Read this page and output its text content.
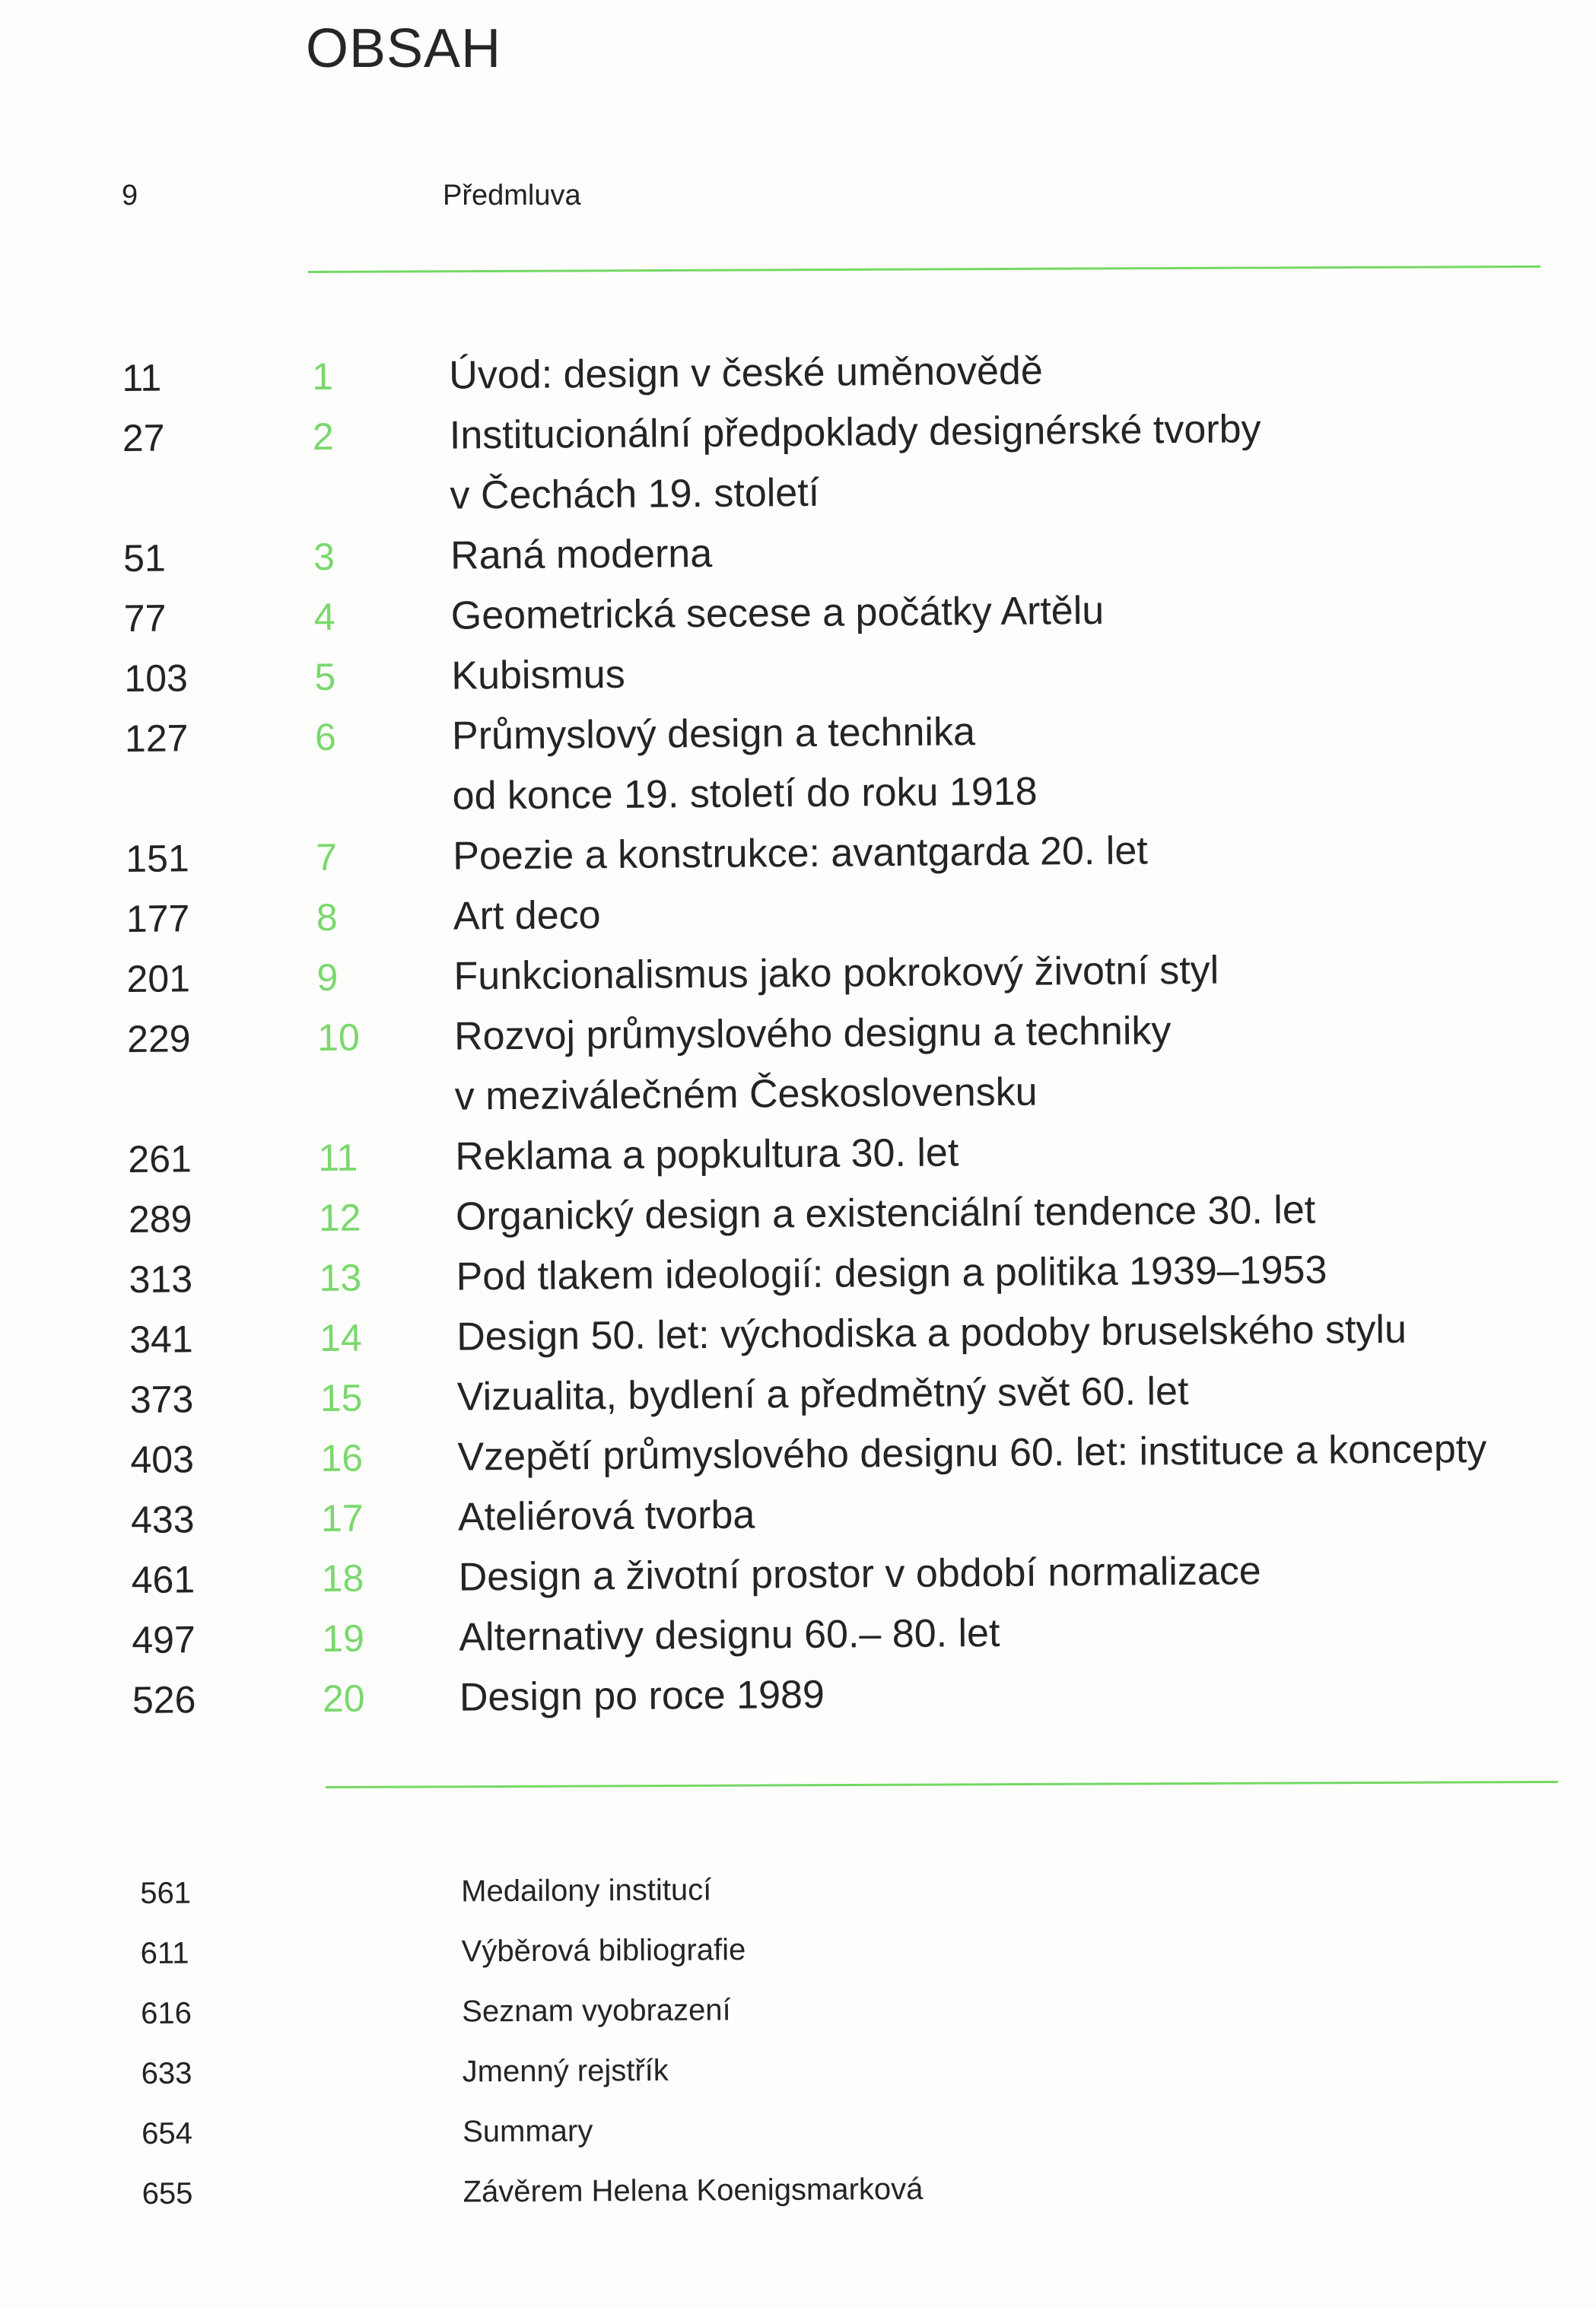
OBSAH
9	Předmluva
11	1	Úvod: design v české uměnovědě
27	2	Institucionální předpoklady designérské tvorby
v Čechách 19. století
51	3	Raná moderna
77	4	Geometrická secese a počátky Artělu
103	5	Kubismus
127	6	Průmyslový design a technika
od konce 19. století do roku 1918
151	7	Poezie a konstrukce: avantgarda 20. let
177	8	Art deco
201	9	Funkcionalismus jako pokrokový životní styl
229	10	Rozvoj průmyslového designu a techniky
v meziválečném Československu
261	11	Reklama a popkultura 30. let
289	12	Organický design a existenciální tendence 30. let
313	13	Pod tlakem ideologií: design a politika 1939–1953
341	14	Design 50. let: východiska a podoby bruselského stylu
373	15	Vizualita, bydlení a předmětný svět 60. let
403	16	Vzepětí průmyslového designu 60. let: instituce a koncepty
433	17	Ateliérová tvorba
461	18	Design a životní prostor v období normalizace
497	19	Alternativy designu 60.– 80. let
526	20	Design po roce 1989
561	Medailony institucí
611	Výběrová bibliografie
616	Seznam vyobrazení
633	Jmenný rejstřík
654	Summary
655	Závěrem Helena Koenigsmarková
